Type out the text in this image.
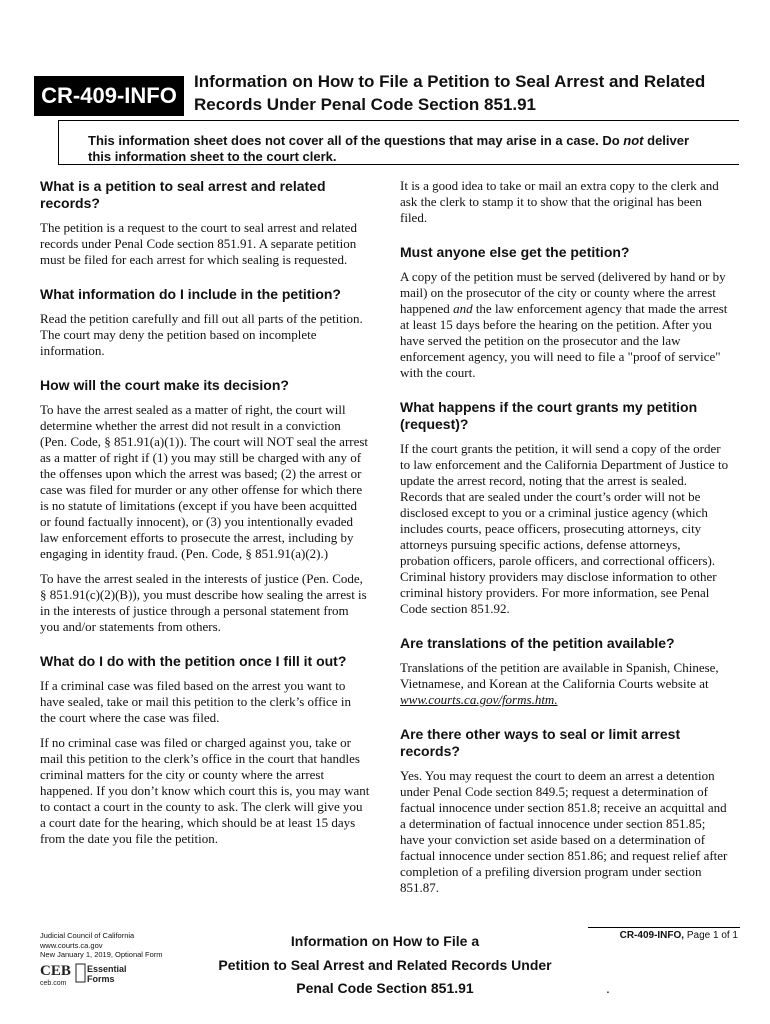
CR-409-INFO
Information on How to File a Petition to Seal Arrest and Related
Records Under Penal Code Section 851.91
This information sheet does not cover all of the questions that may arise in a case. Do not deliver this information sheet to the court clerk.
What is a petition to seal arrest and related records?
The petition is a request to the court to seal arrest and related records under Penal Code section 851.91. A separate petition must be filed for each arrest for which sealing is requested.
What information do I include in the petition?
Read the petition carefully and fill out all parts of the petition. The court may deny the petition based on incomplete information.
How will the court make its decision?
To have the arrest sealed as a matter of right, the court will determine whether the arrest did not result in a conviction (Pen. Code, § 851.91(a)(1)). The court will NOT seal the arrest as a matter of right if (1) you may still be charged with any of the offenses upon which the arrest was based; (2) the arrest or case was filed for murder or any other offense for which there is no statute of limitations (except if you have been acquitted or found factually innocent), or (3) you intentionally evaded law enforcement efforts to prosecute the arrest, including by engaging in identity fraud. (Pen. Code, § 851.91(a)(2).)
To have the arrest sealed in the interests of justice (Pen. Code, § 851.91(c)(2)(B)), you must describe how sealing the arrest is in the interests of justice through a personal statement from you and/or statements from others.
What do I do with the petition once I fill it out?
If a criminal case was filed based on the arrest you want to have sealed, take or mail this petition to the clerk’s office in the court where the case was filed.
If no criminal case was filed or charged against you, take or mail this petition to the clerk’s office in the court that handles criminal matters for the city or county where the arrest happened. If you don’t know which court this is, you may want to contact a court in the county to ask. The clerk will give you a court date for the hearing, which should be at least 15 days from the date you file the petition.
It is a good idea to take or mail an extra copy to the clerk and ask the clerk to stamp it to show that the original has been filed.
Must anyone else get the petition?
A copy of the petition must be served (delivered by hand or by mail) on the prosecutor of the city or county where the arrest happened and the law enforcement agency that made the arrest at least 15 days before the hearing on the petition. After you have served the petition on the prosecutor and the law enforcement agency, you will need to file a "proof of service" with the court.
What happens if the court grants my petition (request)?
If the court grants the petition, it will send a copy of the order to law enforcement and the California Department of Justice to update the arrest record, noting that the arrest is sealed. Records that are sealed under the court’s order will not be disclosed except to you or a criminal justice agency (which includes courts, peace officers, prosecuting attorneys, city attorneys pursuing specific actions, defense attorneys, probation officers, parole officers, and correctional officers). Criminal history providers may disclose information to other criminal history providers. For more information, see Penal Code section 851.92.
Are translations of the petition available?
Translations of the petition are available in Spanish, Chinese, Vietnamese, and Korean at the California Courts website at www.courts.ca.gov/forms.htm.
Are there other ways to seal or limit arrest records?
Yes. You may request the court to deem an arrest a detention under Penal Code section 849.5; request a determination of factual innocence under section 851.8; receive an acquittal and a determination of factual innocence under section 851.85; have your conviction set aside based on a determination of factual innocence under section 851.86; and request relief after completion of a prefiling diversion program under section 851.87.
Judicial Council of California
www.courts.ca.gov
New January 1, 2019, Optional Form
CEB
ceb.com
Essential
Forms
Information on How to File a
Petition to Seal Arrest and Related Records Under
Penal Code Section 851.91
CR-409-INFO, Page 1 of 1
.
